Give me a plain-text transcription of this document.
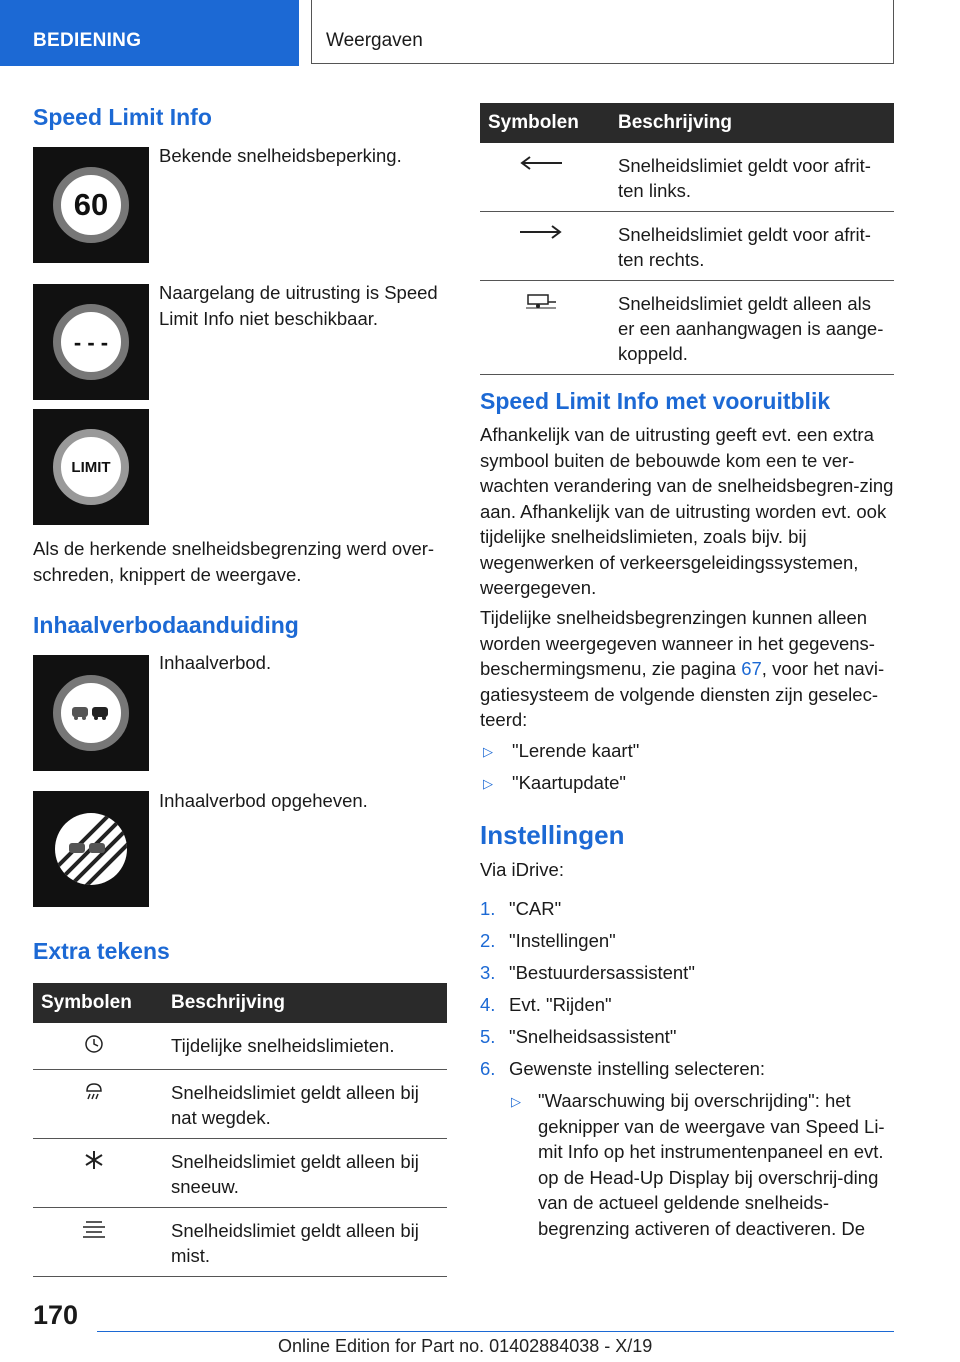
BEDIENING	Weergaven
Speed Limit Info
60
Bekende snelheidsbeperking.
- - -
Naargelang de uitrusting is Speed Limit Info niet beschikbaar.
LIMIT
Als de herkende snelheidsbegrenzing werd over-schreden, knippert de weergave.
Inhaalverbodaanduiding
Inhaalverbod.
Inhaalverbod opgeheven.
Extra tekens
Symbolen	Beschrijving
	Tijdelijke snelheidslimieten.
	Snelheidslimiet geldt alleen bij nat wegdek.
	Snelheidslimiet geldt alleen bij sneeuw.
	Snelheidslimiet geldt alleen bij mist.
Symbolen	Beschrijving
	Snelheidslimiet geldt voor afrit-ten links.
	Snelheidslimiet geldt voor afrit-ten rechts.
	Snelheidslimiet geldt alleen als er een aanhangwagen is aange-koppeld.
Speed Limit Info met vooruitblik
Afhankelijk van de uitrusting geeft evt. een extra symbool buiten de bebouwde kom een te ver-wachten verandering van de snelheidsbegren-zing aan. Afhankelijk van de uitrusting worden evt. ook tijdelijke snelheidslimieten, zoals bijv. bij wegenwerken of verkeersgeleidingssystemen, weergegeven.
Tijdelijke snelheidsbegrenzingen kunnen alleen worden weergegeven wanneer in het gegevens-beschermingsmenu, zie pagina 67, voor het navi-gatiesysteem de volgende diensten zijn geselec-teerd:
▷ "Lerende kaart"
▷ "Kaartupdate"
Instellingen
Via iDrive:
1. "CAR"
2. "Instellingen"
3. "Bestuurdersassistent"
4. Evt. "Rijden"
5. "Snelheidsassistent"
6. Gewenste instelling selecteren:
▷ "Waarschuwing bij overschrijding": het geknipper van de weergave van Speed Li-mit Info op het instrumentenpaneel en evt. op de Head-Up Display bij overschrij-ding van de actueel geldende snelheids-begrenzing activeren of deactiveren. De
170
Online Edition for Part no. 01402884038 - X/19
